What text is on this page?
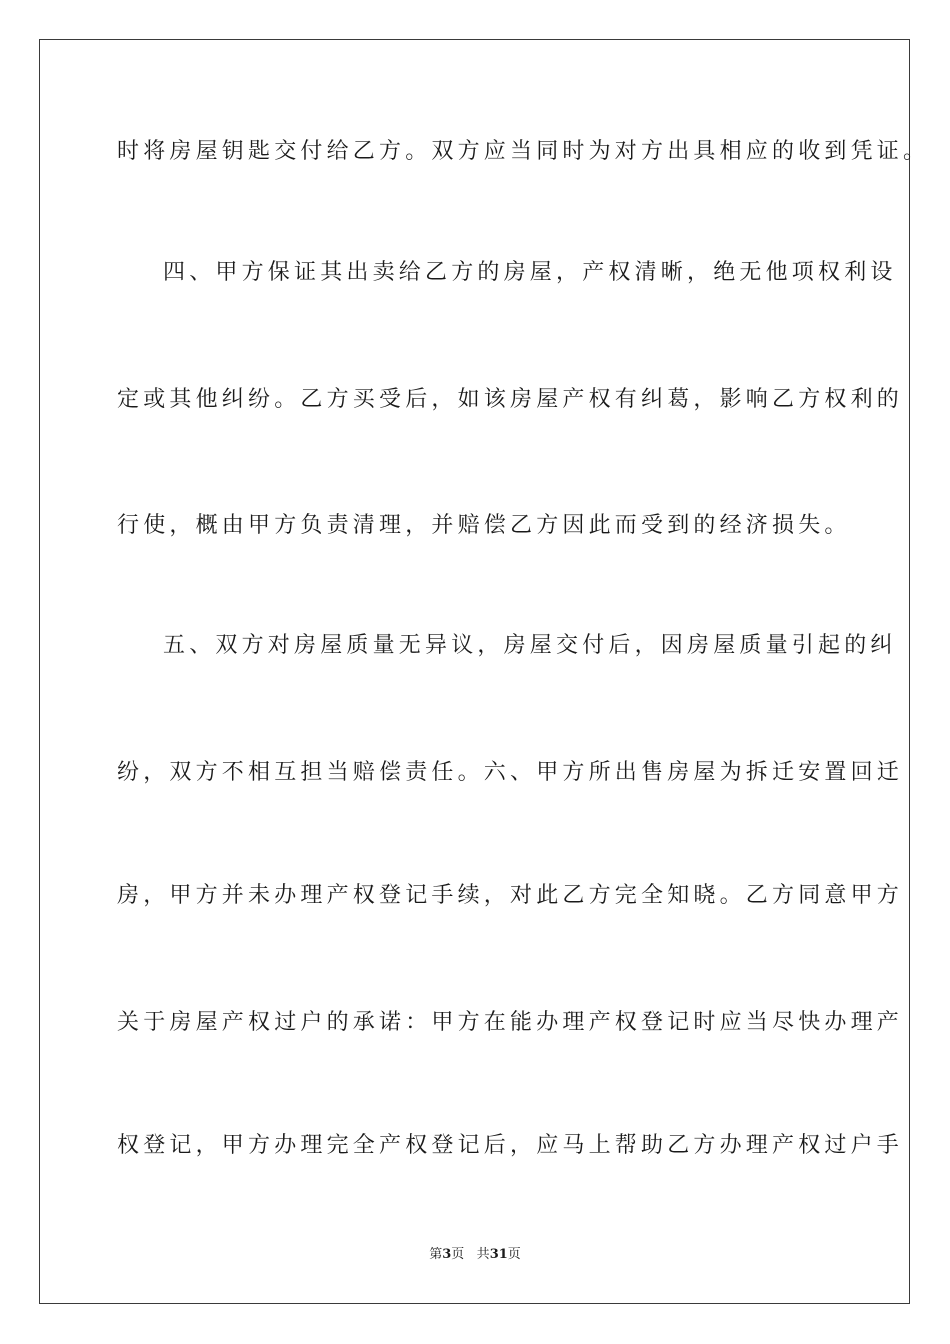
时将房屋钥匙交付给乙方。双方应当同时为对方出具相应的收到凭证。
四、甲方保证其出卖给乙方的房屋，产权清晰，绝无他项权利设
定或其他纠纷。乙方买受后，如该房屋产权有纠葛，影响乙方权利的
行使，概由甲方负责清理，并赔偿乙方因此而受到的经济损失。
五、双方对房屋质量无异议，房屋交付后，因房屋质量引起的纠
纷，双方不相互担当赔偿责任。六、甲方所出售房屋为拆迁安置回迁
房，甲方并未办理产权登记手续，对此乙方完全知晓。乙方同意甲方
关于房屋产权过户的承诺：甲方在能办理产权登记时应当尽快办理产
权登记，甲方办理完全产权登记后，应马上帮助乙方办理产权过户手
第3页 共31页
